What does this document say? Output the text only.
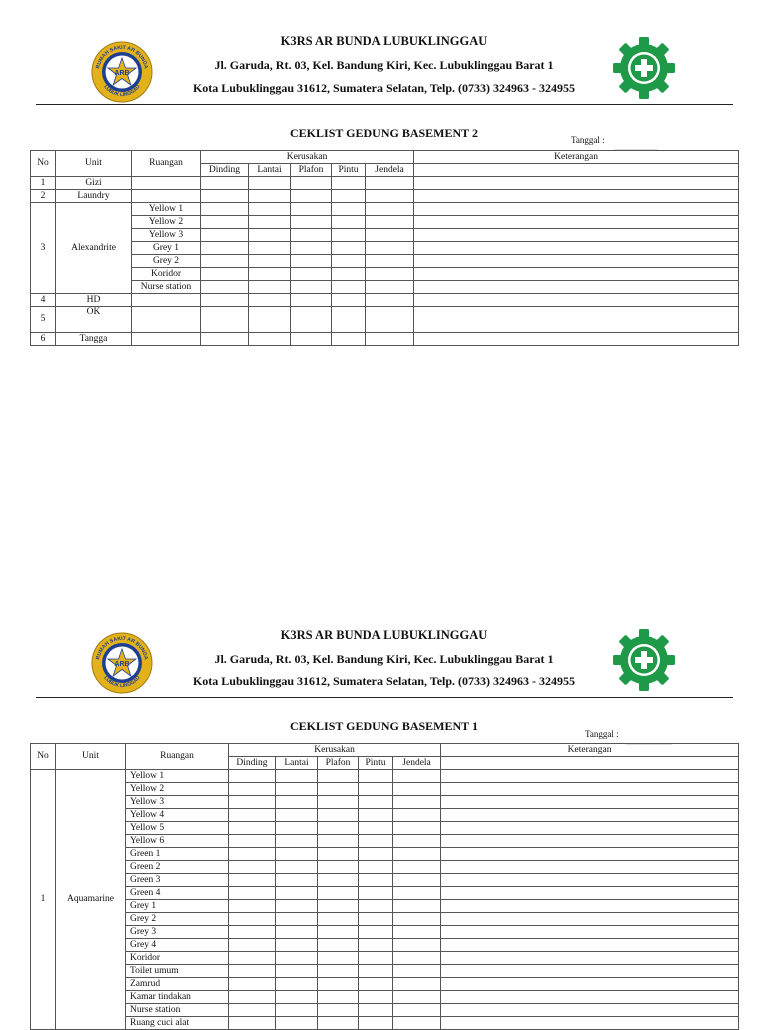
K3RS AR BUNDA LUBUKLINGGAU
Jl. Garuda, Rt. 03, Kel. Bandung Kiri, Kec. Lubuklinggau Barat 1
Kota Lubuklinggau 31612, Sumatera Selatan, Telp. (0733) 324963 - 324955
RUMAH SAKIT AR BUNDA
LUBUK LINGGAU
CEKLIST GEDUNG BASEMENT 2	Tanggal :
No	Unit	Ruangan	Kerusakan					Keterangan
			Dinding	Lantai	Plafon	Pintu	Jendela	
1	Gizi							
2	Laundry							
3	Alexandrite	Yellow 1						
		Yellow 2						
		Yellow 3						
		Grey 1						
		Grey 2						
		Koridor						
		Nurse station						
4	HD							
5	OK							
6	Tangga							
K3RS AR BUNDA LUBUKLINGGAU
Jl. Garuda, Rt. 03, Kel. Bandung Kiri, Kec. Lubuklinggau Barat 1
Kota Lubuklinggau 31612, Sumatera Selatan, Telp. (0733) 324963 - 324955
RUMAH SAKIT AR BUNDA
LUBUK LINGGAU
CEKLIST GEDUNG BASEMENT 1
Tanggal :
No	Unit	Ruangan	Kerusakan					Keterangan
			Dinding	Lantai	Plafon	Pintu	Jendela	
1	Aquamarine	Yellow 1						
		Yellow 2						
		Yellow 3						
		Yellow 4						
		Yellow 5						
		Yellow 6						
		Green 1						
		Green 2						
		Green 3						
		Green 4						
		Grey 1						
		Grey 2						
		Grey 3						
		Grey 4						
		Koridor						
		Toilet umum						
		Zamrud						
		Kamar tindakan						
		Nurse station						
		Ruang cuci alat						
